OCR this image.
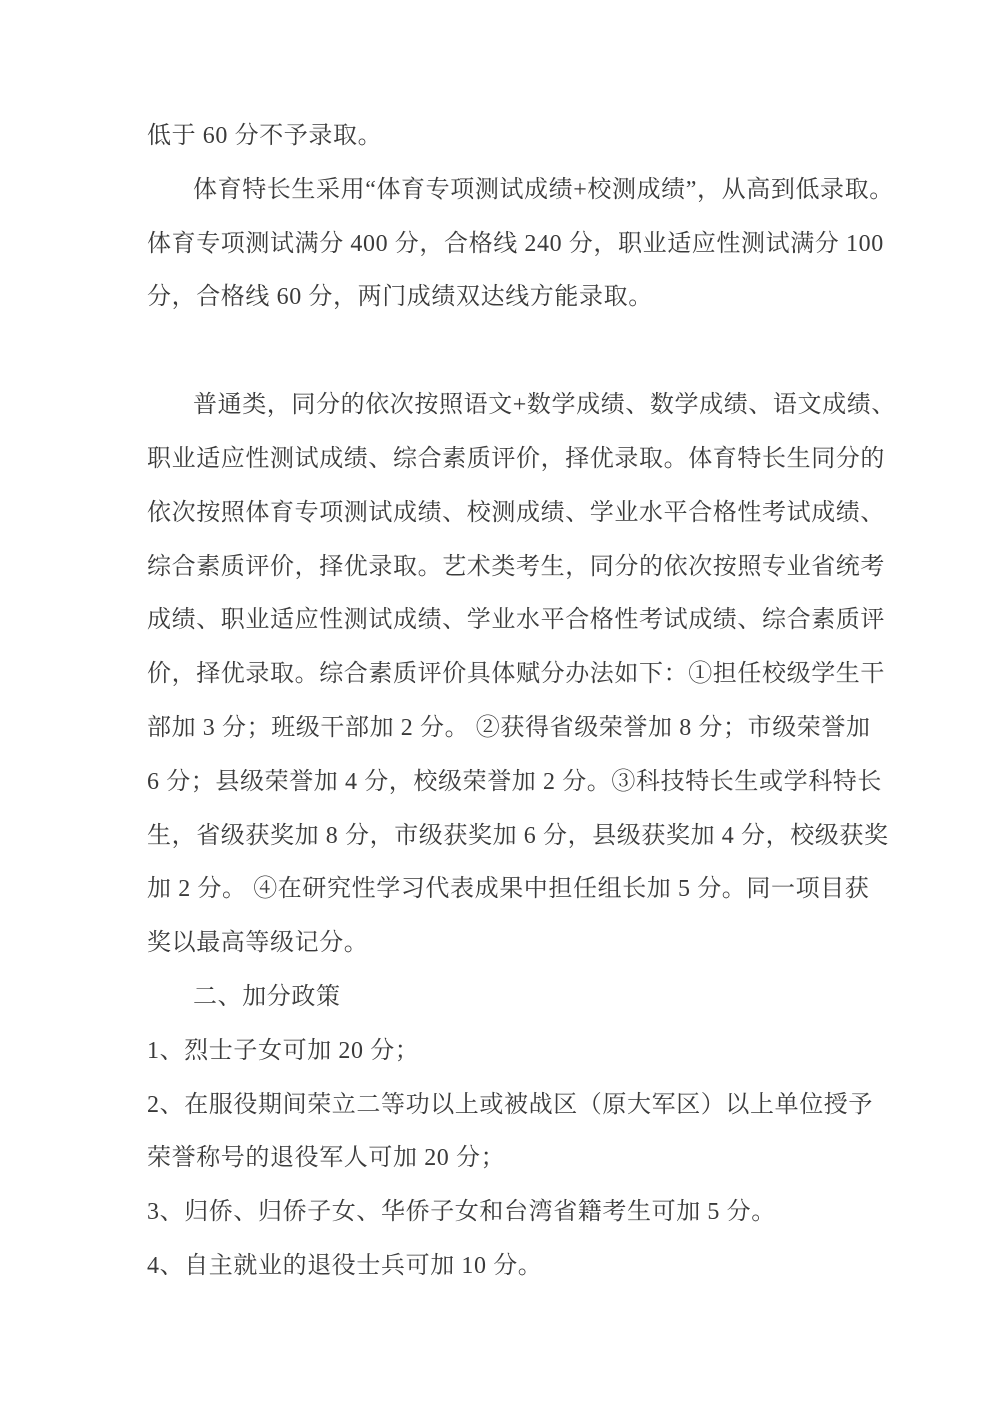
低于 60 分不予录取。
体育特长生采用“体育专项测试成绩+校测成绩”，从高到低录取。
体育专项测试满分 400 分，合格线 240 分，职业适应性测试满分 100
分，合格线 60 分，两门成绩双达线方能录取。
普通类，同分的依次按照语文+数学成绩、数学成绩、语文成绩、
职业适应性测试成绩、综合素质评价，择优录取。体育特长生同分的
依次按照体育专项测试成绩、校测成绩、学业水平合格性考试成绩、
综合素质评价，择优录取。艺术类考生，同分的依次按照专业省统考
成绩、职业适应性测试成绩、学业水平合格性考试成绩、综合素质评
价，择优录取。综合素质评价具体赋分办法如下：①担任校级学生干
部加 3 分；班级干部加 2 分。 ②获得省级荣誉加 8 分；市级荣誉加
6 分；县级荣誉加 4 分，校级荣誉加 2 分。③科技特长生或学科特长
生，省级获奖加 8 分，市级获奖加 6 分，县级获奖加 4 分，校级获奖
加 2 分。 ④在研究性学习代表成果中担任组长加 5 分。同一项目获
奖以最高等级记分。
二、加分政策
1、烈士子女可加 20 分；
2、在服役期间荣立二等功以上或被战区（原大军区）以上单位授予
荣誉称号的退役军人可加 20 分；
3、归侨、归侨子女、华侨子女和台湾省籍考生可加 5 分。
4、自主就业的退役士兵可加 10 分。
